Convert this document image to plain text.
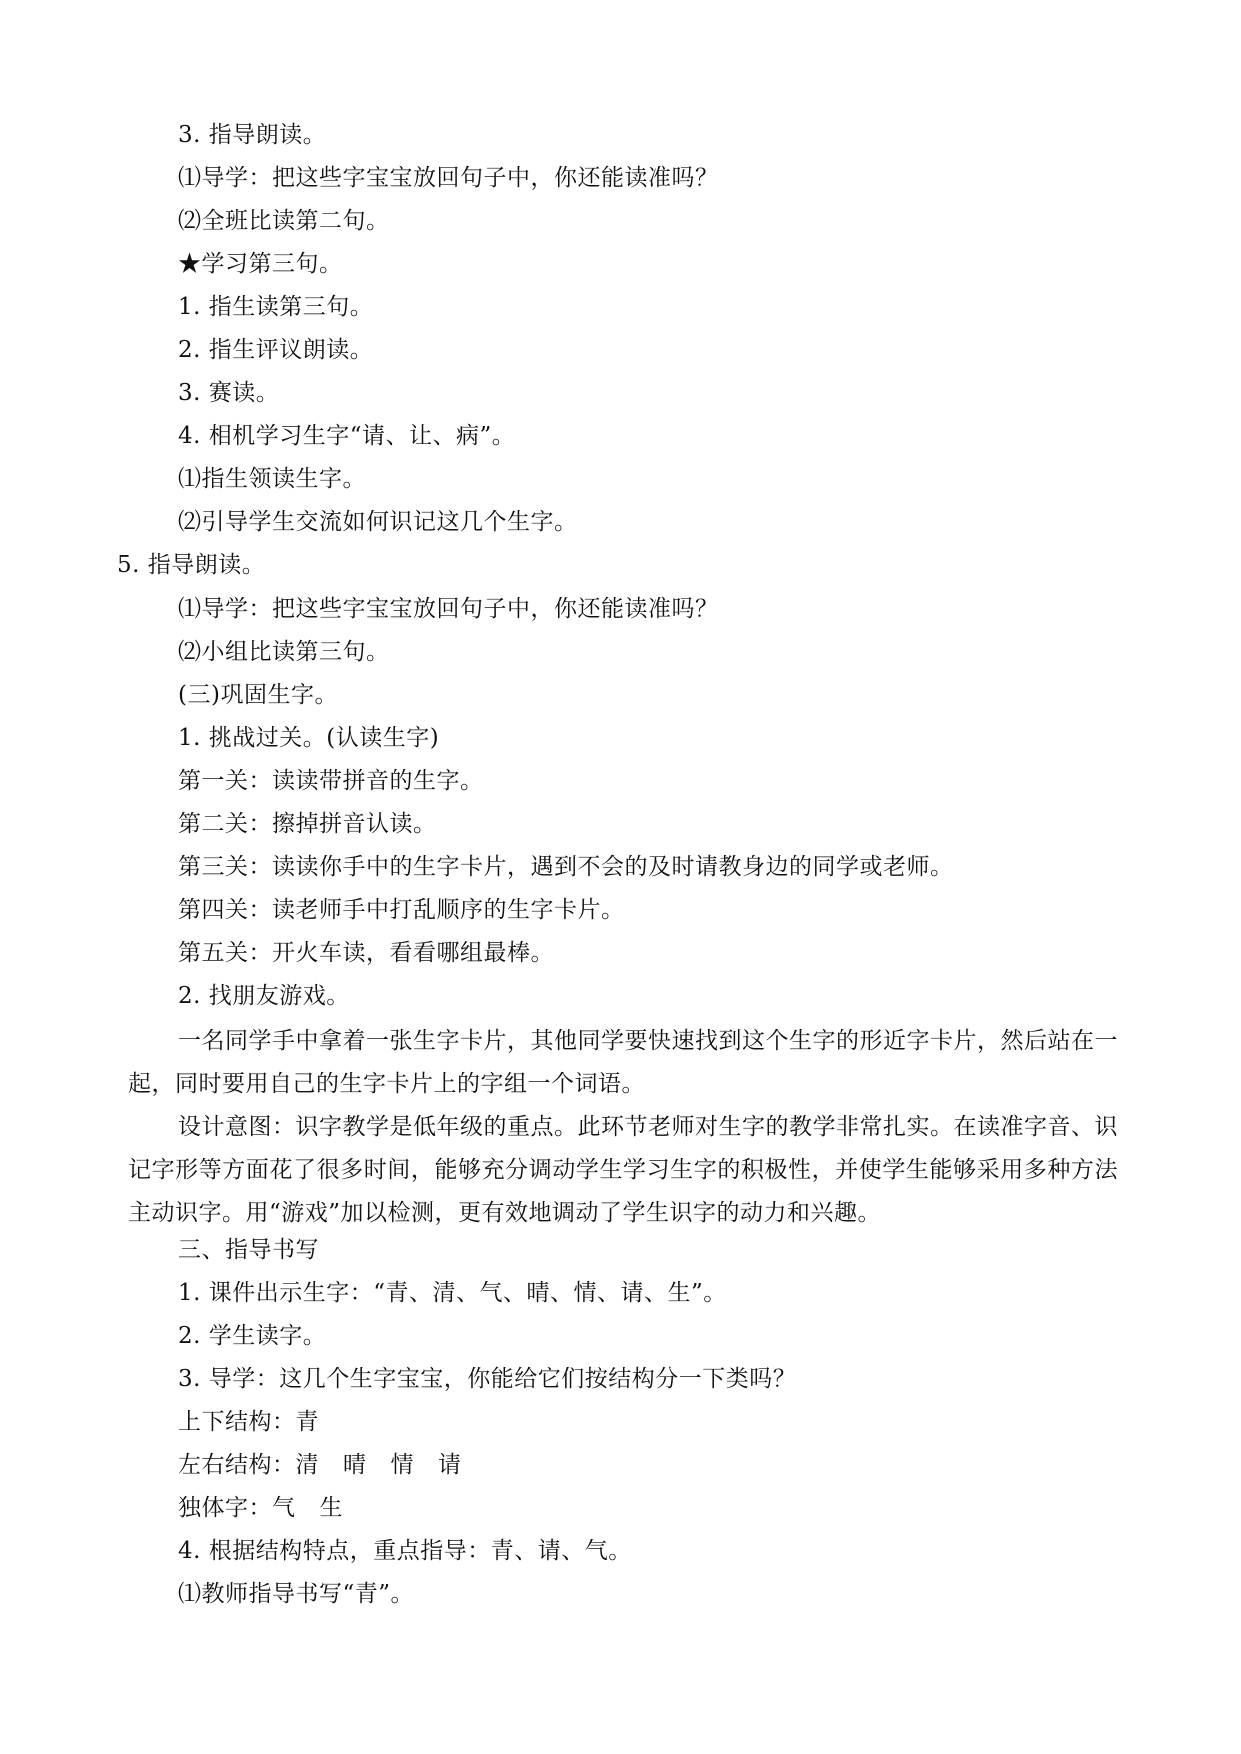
3. 指导朗读。
⑴导学：把这些字宝宝放回句子中，你还能读准吗？
⑵全班比读第二句。
★学习第三句。
1. 指生读第三句。
2. 指生评议朗读。
3. 赛读。
4. 相机学习生字“请、让、病”。
⑴指生领读生字。
⑵引导学生交流如何识记这几个生字。
5. 指导朗读。
⑴导学：把这些字宝宝放回句子中，你还能读准吗？
⑵小组比读第三句。
(三)巩固生字。
1. 挑战过关。(认读生字)
第一关：读读带拼音的生字。
第二关：擦掉拼音认读。
第三关：读读你手中的生字卡片，遇到不会的及时请教身边的同学或老师。
第四关：读老师手中打乱顺序的生字卡片。
第五关：开火车读，看看哪组最棒。
2. 找朋友游戏。
一名同学手中拿着一张生字卡片，其他同学要快速找到这个生字的形近字卡片，然后站在一起，同时要用自己的生字卡片上的字组一个词语。
设计意图：识字教学是低年级的重点。此环节老师对生字的教学非常扎实。在读准字音、识记字形等方面花了很多时间，能够充分调动学生学习生字的积极性，并使学生能够采用多种方法主动识字。用“游戏”加以检测，更有效地调动了学生识字的动力和兴趣。
三、指导书写
1. 课件出示生字：“青、清、气、晴、情、请、生”。
2. 学生读字。
3. 导学：这几个生字宝宝，你能给它们按结构分一下类吗？
上下结构：青
左右结构：清 晴 情 请
独体字：气 生
4. 根据结构特点，重点指导：青、请、气。
⑴教师指导书写“青”。
